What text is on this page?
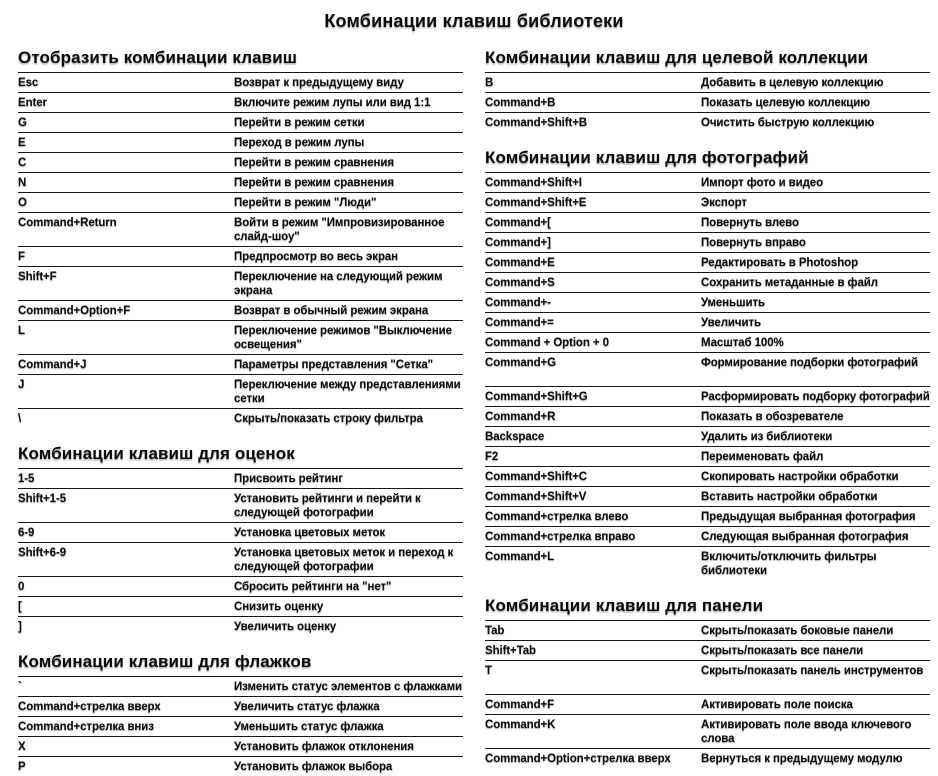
Комбинации клавиш библиотеки
Отобразить комбинации клавиш
Esc	Возврат к предыдущему виду
Enter	Включите режим лупы или вид 1:1
G	Перейти в режим сетки
E	Переход в режим лупы
C	Перейти в режим сравнения
N	Перейти в режим сравнения
O	Перейти в режим "Люди"
Command+Return	Войти в режим "Импровизированное слайд-шоу"
F	Предпросмотр во весь экран
Shift+F	Переключение на следующий режим экрана
Command+Option+F	Возврат в обычный режим экрана
L	Переключение режимов "Выключение освещения"
Command+J	Параметры представления "Сетка"
J	Переключение между представлениями сетки
\	Скрыть/показать строку фильтра
Комбинации клавиш для оценок
1-5	Присвоить рейтинг
Shift+1-5	Установить рейтинги и перейти к следующей фотографии
6-9	Установка цветовых меток
Shift+6-9	Установка цветовых меток и переход к следующей фотографии
0	Сбросить рейтинги на "нет"
[	Снизить оценку
]	Увеличить оценку
Комбинации клавиш для флажков
`	Изменить статус элементов с флажками
Command+стрелка вверх	Увеличить статус флажка
Command+стрелка вниз	Уменьшить статус флажка
X	Установить флажок отклонения
P	Установить флажок выбора
Комбинации клавиш для целевой коллекции
B	Добавить в целевую коллекцию
Command+B	Показать целевую коллекцию
Command+Shift+B	Очистить быструю коллекцию
Комбинации клавиш для фотографий
Command+Shift+I	Импорт фото и видео
Command+Shift+E	Экспорт
Command+[	Повернуть влево
Command+]	Повернуть вправо
Command+E	Редактировать в Photoshop
Command+S	Сохранить метаданные в файл
Command+-	Уменьшить
Command+=	Увеличить
Command + Option + 0	Масштаб 100%
Command+G	Формирование подборки фотографий
Command+Shift+G	Расформировать подборку фотографий
Command+R	Показать в обозревателе
Backspace	Удалить из библиотеки
F2	Переименовать файл
Command+Shift+C	Скопировать настройки обработки
Command+Shift+V	Вставить настройки обработки
Command+стрелка влево	Предыдущая выбранная фотография
Command+стрелка вправо	Следующая выбранная фотография
Command+L	Включить/отключить фильтры библиотеки
Комбинации клавиш для панели
Tab	Скрыть/показать боковые панели
Shift+Tab	Скрыть/показать все панели
T	Скрыть/показать панель инструментов
Command+F	Активировать поле поиска
Command+K	Активировать поле ввода ключевого слова
Command+Option+стрелка вверх	Вернуться к предыдущему модулю
